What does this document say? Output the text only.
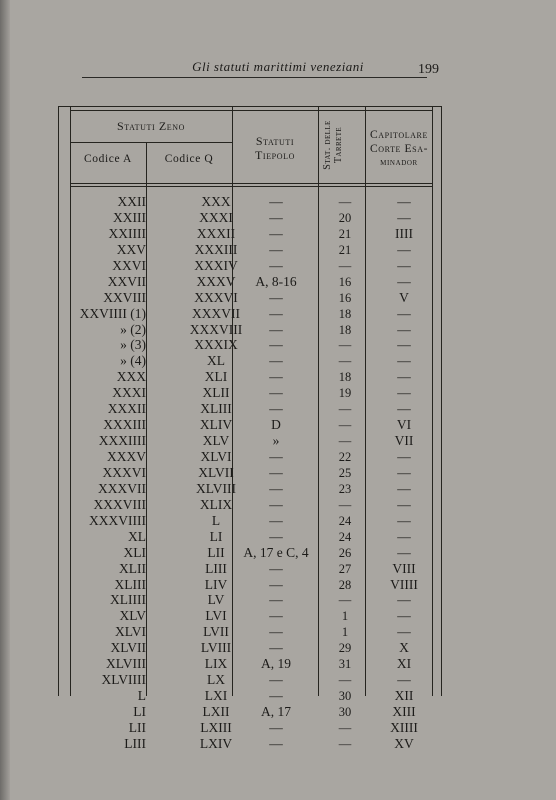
Gli statuti marittimi veneziani	199
Statuti Zeno
Codice A	Codice Q
Statuti
Tiepolo	Stat. delle Tarrete	Capitolare
Corte Esa-
minador
XXII	XXX	—	—	—
XXIII	XXXI	—	20	—
XXIIII	XXXII	—	21	IIII
XXV	XXXIII	—	21	—
XXVI	XXXIV	—	—	—
XXVII	XXXV	A, 8-16	16	—
XXVIII	XXXVI	—	16	V
XXVIIII (1)	XXXVII	—	18	—
» (2)	XXXVIII	—	18	—
» (3)	XXXIX	—	—	—
» (4)	XL	—	—	—
XXX	XLI	—	18	—
XXXI	XLII	—	19	—
XXXII	XLIII	—	—	—
XXXIII	XLIV	D	—	VI
XXXIIII	XLV	»	—	VII
XXXV	XLVI	—	22	—
XXXVI	XLVII	—	25	—
XXXVII	XLVIII	—	23	—
XXXVIII	XLIX	—	—	—
XXXVIIII	L	—	24	—
XL	LI	—	24	—
XLI	LII	A, 17 e C, 4	26	—
XLII	LIII	—	27	VIII
XLIII	LIV	—	28	VIIII
XLIIII	LV	—	—	—
XLV	LVI	—	1	—
XLVI	LVII	—	1	—
XLVII	LVIII	—	29	X
XLVIII	LIX	A, 19	31	XI
XLVIIII	LX	—	—	—
L	LXI	—	30	XII
LI	LXII	A, 17	30	XIII
LII	LXIII	—	—	XIIII
LIII	LXIV	—	—	XV
